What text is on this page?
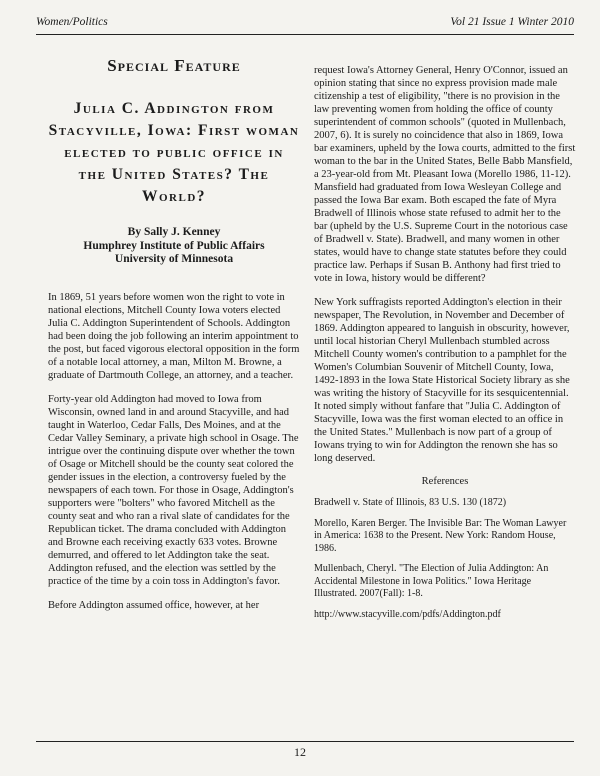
Women/Politics	Vol 21 Issue 1 Winter 2010
Special Feature
Julia C. Addington from Stacyville, Iowa: First woman elected to public office in the United States? The World?
By Sally J. Kenney
Humphrey Institute of Public Affairs
University of Minnesota

In 1869, 51 years before women won the right to vote in national elections, Mitchell County Iowa voters elected Julia C. Addington Superintendent of Schools. Addington had been doing the job following an interim appointment to the post, but faced vigorous electoral opposition in the form of a notable local attorney, a man, Milton M. Browne, a graduate of Dartmouth College, an attorney, and a teacher.

Forty-year old Addington had moved to Iowa from Wisconsin, owned land in and around Stacyville, and had taught in Waterloo, Cedar Falls, Des Moines, and at the Cedar Valley Seminary, a private high school in Osage. The intrigue over the continuing dispute over whether the town of Osage or Mitchell should be the county seat colored the gender issues in the election, a controversy fueled by the newspapers of each town. For those in Osage, Addington's supporters were "bolters" who favored Mitchell as the county seat and who ran a rival slate of candidates for the Republican ticket. The drama concluded with Addington and Browne each receiving exactly 633 votes. Browne demurred, and offered to let Addington take the seat. Addington refused, and the election was settled by the practice of the time by a coin toss in Addington's favor.

Before Addington assumed office, however, at her

request Iowa's Attorney General, Henry O'Connor, issued an opinion stating that since no express provision made male citizenship a test of eligibility, "there is no provision in the law preventing women from holding the office of county superintendent of common schools" (quoted in Mullenbach, 2007, 6). It is surely no coincidence that also in 1869, Iowa bar examiners, upheld by the Iowa courts, admitted to the first woman to the bar in the United States, Belle Babb Mansfield, a 23-year-old from Mt. Pleasant Iowa (Morello 1986, 11-12). Mansfield had graduated from Iowa Wesleyan College and passed the Iowa Bar exam. Both escaped the fate of Myra Bradwell of Illinois whose state refused to admit her to the bar (upheld by the U.S. Supreme Court in the notorious case of Bradwell v. State). Bradwell, and many women in other states, would have to change state statutes before they could practice law. Perhaps if Susan B. Anthony had first tried to vote in Iowa, history would be different?

New York suffragists reported Addington's election in their newspaper, The Revolution, in November and December of 1869. Addington appeared to languish in obscurity, however, until local historian Cheryl Mullenbach stumbled across Mitchell County women's contribution to a pamphlet for the Women's Columbian Souvenir of Mitchell County, Iowa, 1492-1893 in the Iowa State Historical Society library as she was writing the history of Stacyville for its sesquicentennial. It noted simply without fanfare that "Julia C. Addington of Stacyville, Iowa was the first woman elected to an office in the United States." Mullenbach is now part of a group of Iowans trying to win for Addington the renown she has so long deserved.

References

Bradwell v. State of Illinois, 83 U.S. 130 (1872)

Morello, Karen Berger. The Invisible Bar: The Woman Lawyer in America: 1638 to the Present. New York: Random House, 1986.

Mullenbach, Cheryl. "The Election of Julia Addington: An Accidental Milestone in Iowa Politics." Iowa Heritage Illustrated. 2007(Fall): 1-8.

http://www.stacyville.com/pdfs/Addington.pdf

12
